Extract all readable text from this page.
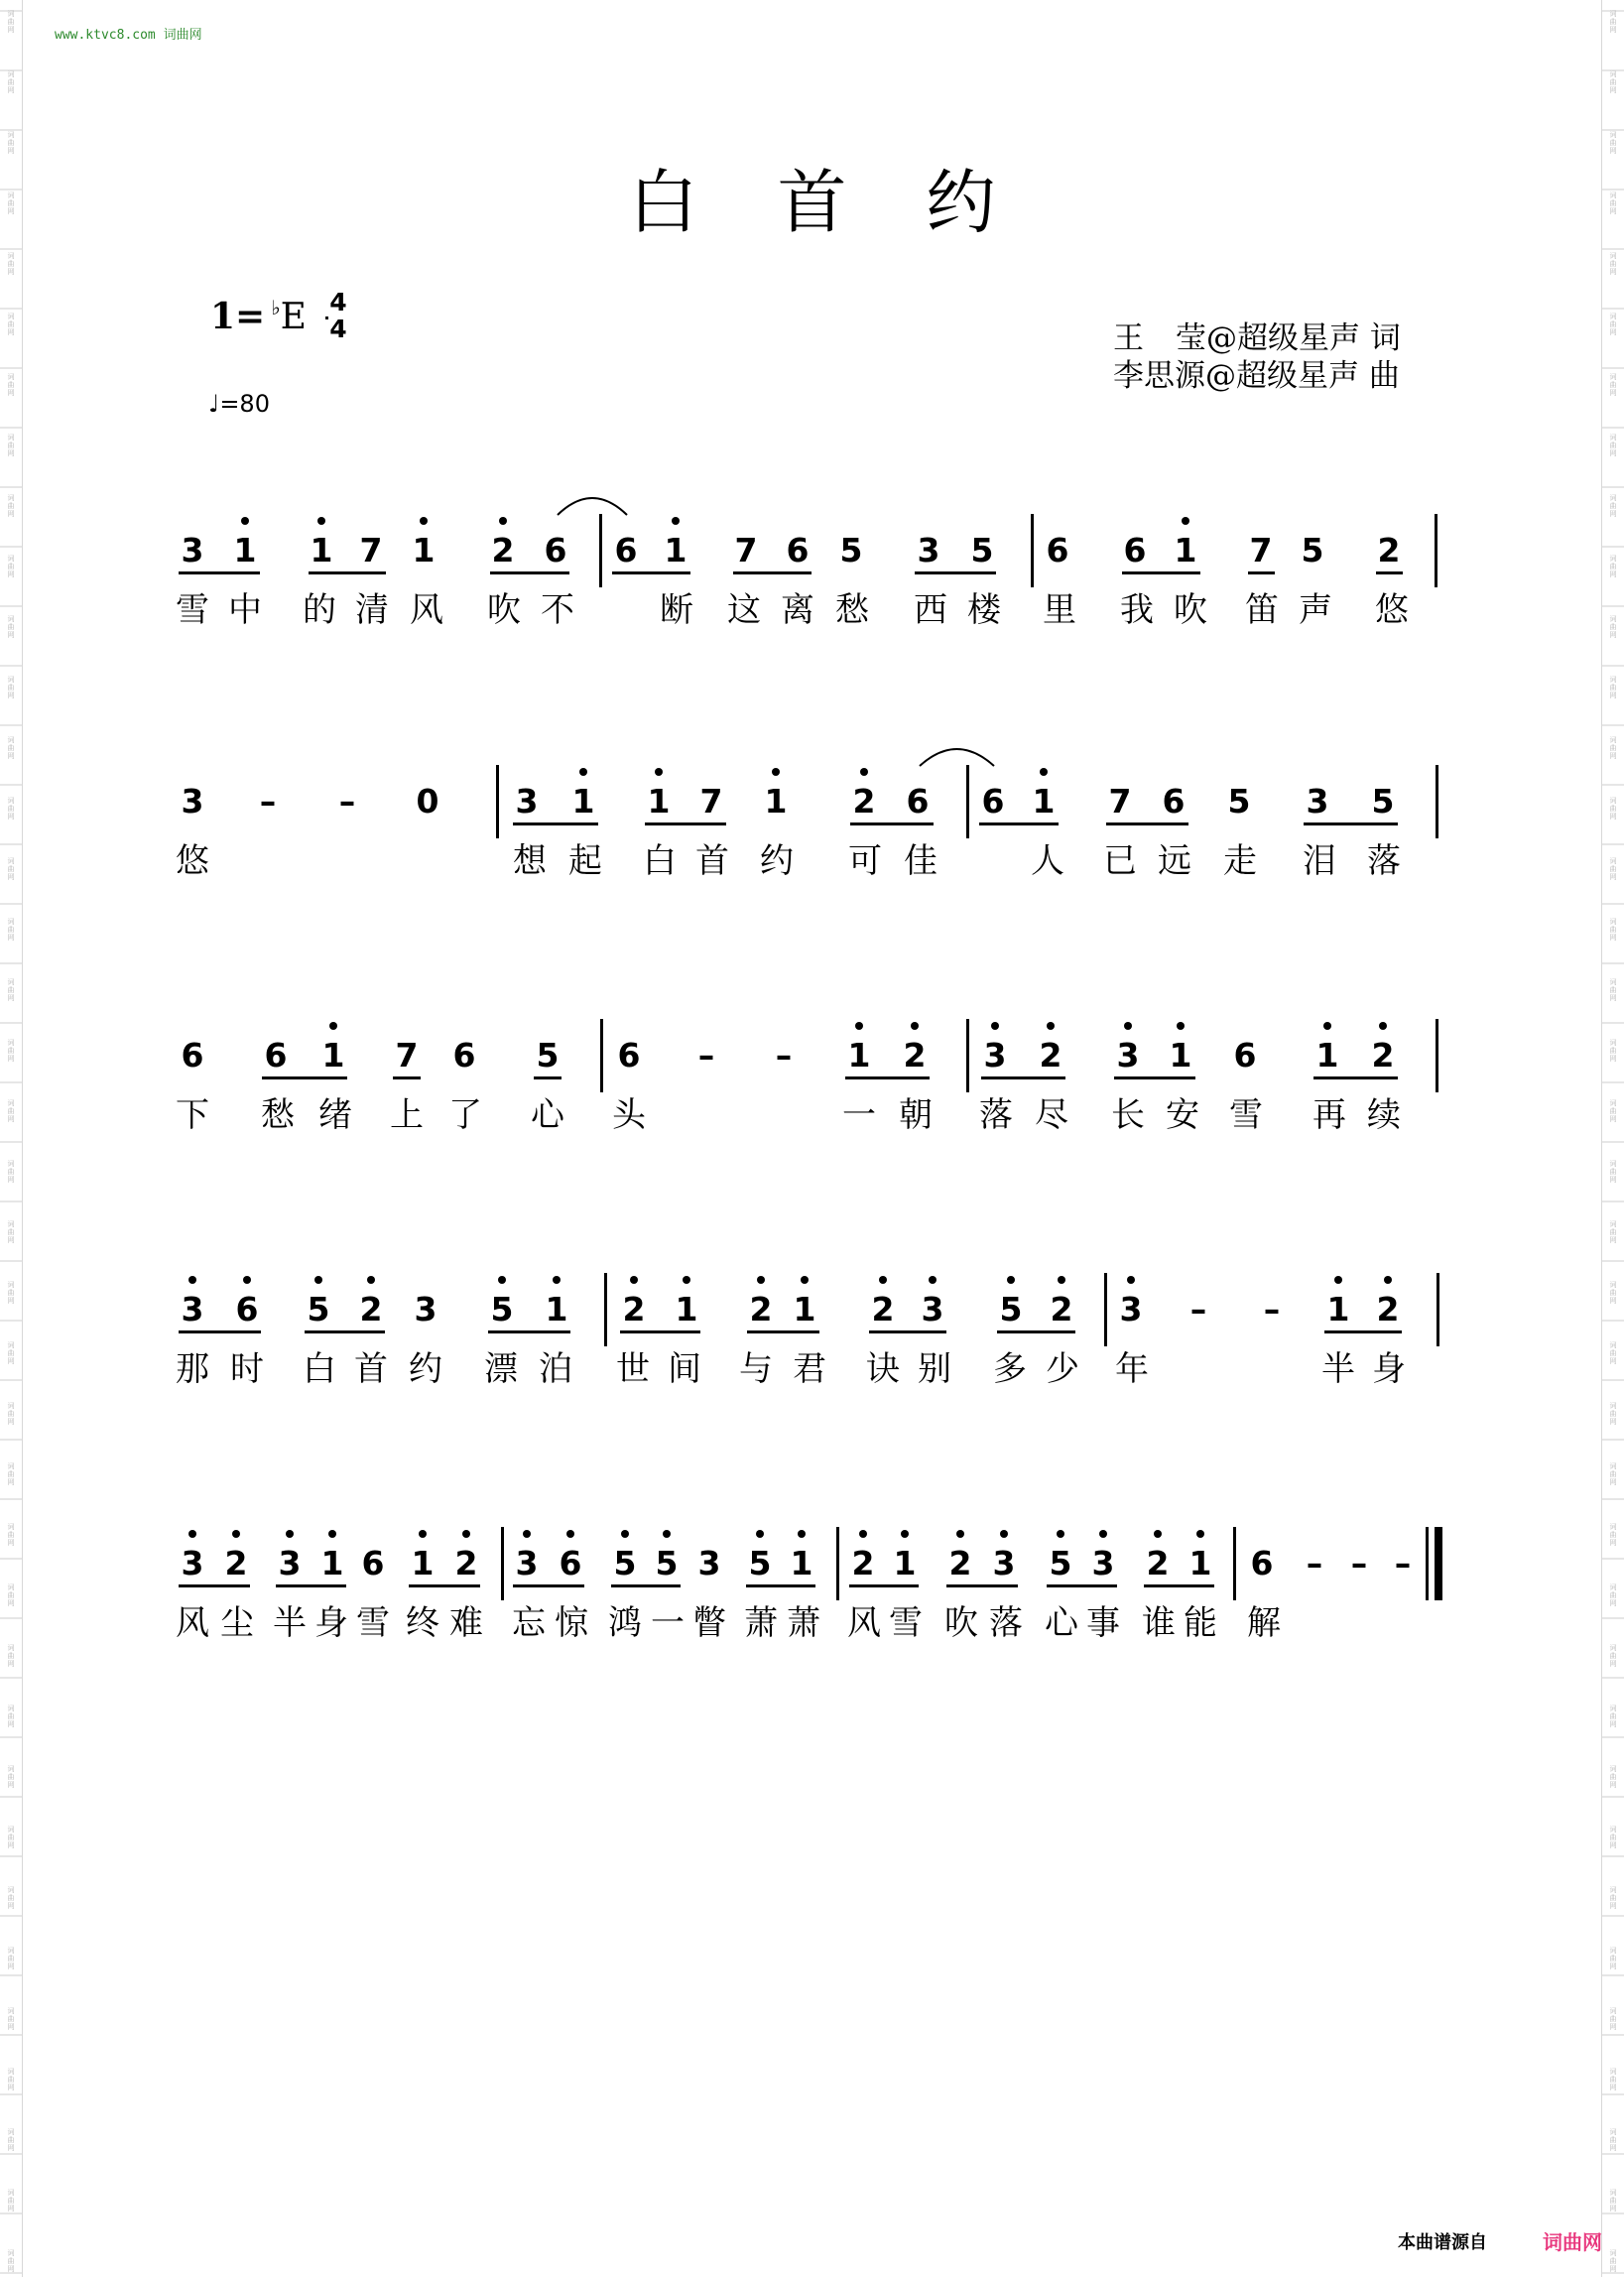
词
曲
网
词
曲
网
词
曲
网
词
曲
网
词
曲
网
词
曲
网
词
曲
网
词
曲
网
词
曲
网
词
曲
网
词
曲
网
词
曲
网
词
曲
网
词
曲
网
词
曲
网
词
曲
网
词
曲
网
词
曲
网
词
曲
网
词
曲
网
词
曲
网
词
曲
网
词
曲
网
词
曲
网
词
曲
网
词
曲
网
词
曲
网
词
曲
网
词
曲
网
词
曲
网
词
曲
网
词
曲
网
词
曲
网
词
曲
网
词
曲
网
词
曲
网
词
曲
网
词
曲
网
词
曲
网
词
曲
网
词
曲
网
词
曲
网
词
曲
网
词
曲
网
词
曲
网
词
曲
网
词
曲
网
词
曲
网
词
曲
网
词
曲
网
词
曲
网
词
曲
网
词
曲
网
词
曲
网
词
曲
网
词
曲
网
词
曲
网
词
曲
网
词
曲
网
词
曲
网
词
曲
网
词
曲
网
词
曲
网
词
曲
网
词
曲
网
词
曲
网
词
曲
网
词
曲
网
词
曲
网
词
曲
网
词
曲
网
词
曲
网
词
曲
网
词
曲
网
词
曲
网
词
曲
网
www.ktvc8.com 词曲网
白首约
1= ♭E 4
4
♩=80
王 莹@超级星声 词
李思源@超级星声 曲
3 1 1 7 1 2 6 6 1 7 6 5 3 5 6 6 1 7 5 2
雪 中	的 清 风	吹 不	断	这 离 愁	西 楼	里	我 吹	笛 声	悠
3	–	–	0 3 1 1 7 1 2 6 6 1 7 6 5 3 5
悠	想 起	白 首 约	可 佳	人	已 远 走	泪 落
6 6 1 7 6 5 6	–	–	1 2 3 2 3 1 6 1 2
下	愁 绪	上 了	心	头	一 朝	落 尽	长 安 雪	再 续
3 6 5 2 3 5 1 2 1 2 1 2 3 5 2 3	–	–	1 2
那 时	白 首 约	漂 泊	世 间	与 君	诀 别	多 少	年	半 身
3 2 3 1 6 1 2 3 6 5 5 3 5 1 2 1 2 3 5 3 2 1 6	– – –
风 尘 半 身 雪 终 难 忘 惊 鸿 一 瞥 萧 萧 风 雪 吹 落 心 事 谁 能 解
本曲谱源自	词曲网
